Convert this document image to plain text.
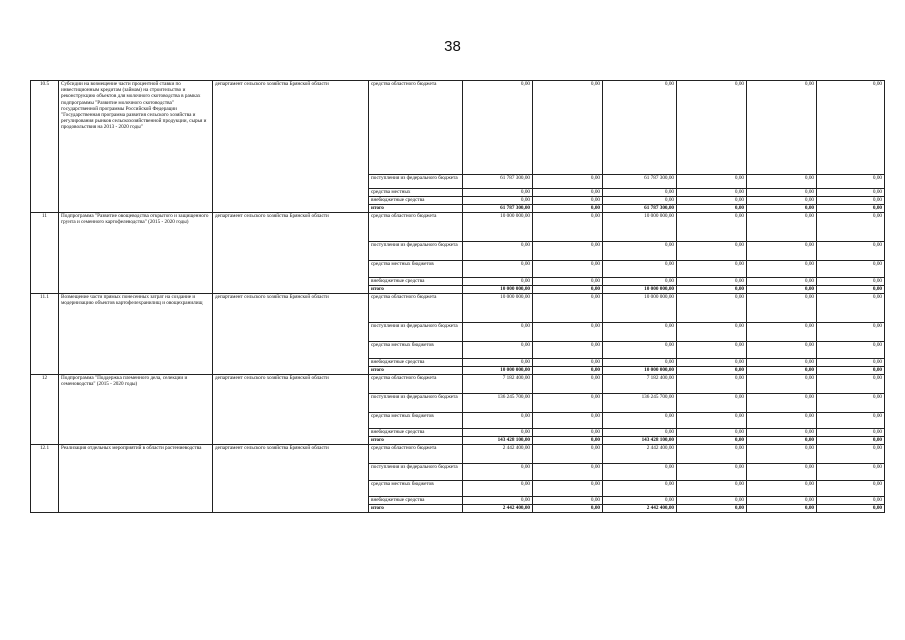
38
10.5	Субсидии на возмещение части процентной ставки по инвестиционным кредитам (займам) на строительство и реконструкцию объектов для молочного скотоводства в рамках подпрограммы "Развитие молочного скотоводства" государственной программы Российской Федерации "Государственная программа развития сельского хозяйства и регулирования рынков сельскохозяйственной продукции, сырья и продовольствия на 2013 - 2020 годы"	департамент сельского хозяйства Брянской области	средства областного бюджета	0,00	0,00	0,00	0,00	0,00	0,00
			поступления из федерального бюджета	61 787 300,00	0,00	61 787 300,00	0,00	0,00	0,00
			средства местных	0,00	0,00	0,00	0,00	0,00	0,00
			внебюджетные средства	0,00	0,00	0,00	0,00	0,00	0,00
			итого	61 787 300,00	0,00	61 787 300,00	0,00	0,00	0,00
11	Подпрограмма "Развитие овощеводства открытого и защищенного грунта и семенного картофелеводства" (2015 - 2020 годы)	департамент сельского хозяйства Брянской области	средства областного бюджета	10 000 000,00	0,00	10 000 000,00	0,00	0,00	0,00
			поступления из федерального бюджета	0,00	0,00	0,00	0,00	0,00	0,00
			средства местных бюджетов	0,00	0,00	0,00	0,00	0,00	0,00
			внебюджетные средства	0,00	0,00	0,00	0,00	0,00	0,00
			итого	10 000 000,00	0,00	10 000 000,00	0,00	0,00	0,00
11.1	Возмещение части прямых понесенных затрат на создание и модернизацию объектов картофелехранилищ и овощехранилищ	департамент сельского хозяйства Брянской области	средства областного бюджета	10 000 000,00	0,00	10 000 000,00	0,00	0,00	0,00
			поступления из федерального бюджета	0,00	0,00	0,00	0,00	0,00	0,00
			средства местных бюджетов	0,00	0,00	0,00	0,00	0,00	0,00
			внебюджетные средства	0,00	0,00	0,00	0,00	0,00	0,00
			итого	10 000 000,00	0,00	10 000 000,00	0,00	0,00	0,00
12	Подпрограмма "Поддержка племенного дела, селекции и семеноводства" (2015 - 2020 годы)	департамент сельского хозяйства Брянской области	средства областного бюджета	7 182 400,00	0,00	7 182 400,00	0,00	0,00	0,00
			поступления из федерального бюджета	136 245 700,00	0,00	136 245 700,00	0,00	0,00	0,00
			средства местных бюджетов	0,00	0,00	0,00	0,00	0,00	0,00
			внебюджетные средства	0,00	0,00	0,00	0,00	0,00	0,00
			итого	143 428 100,00	0,00	143 428 100,00	0,00	0,00	0,00
12.1	Реализация отдельных мероприятий в области растениеводства	департамент сельского хозяйства Брянской области	средства областного бюджета	2 442 400,00	0,00	2 442 400,00	0,00	0,00	0,00
			поступления из федерального бюджета	0,00	0,00	0,00	0,00	0,00	0,00
			средства местных бюджетов	0,00	0,00	0,00	0,00	0,00	0,00
			внебюджетные средства	0,00	0,00	0,00	0,00	0,00	0,00
			итого	2 442 400,00	0,00	2 442 400,00	0,00	0,00	0,00
